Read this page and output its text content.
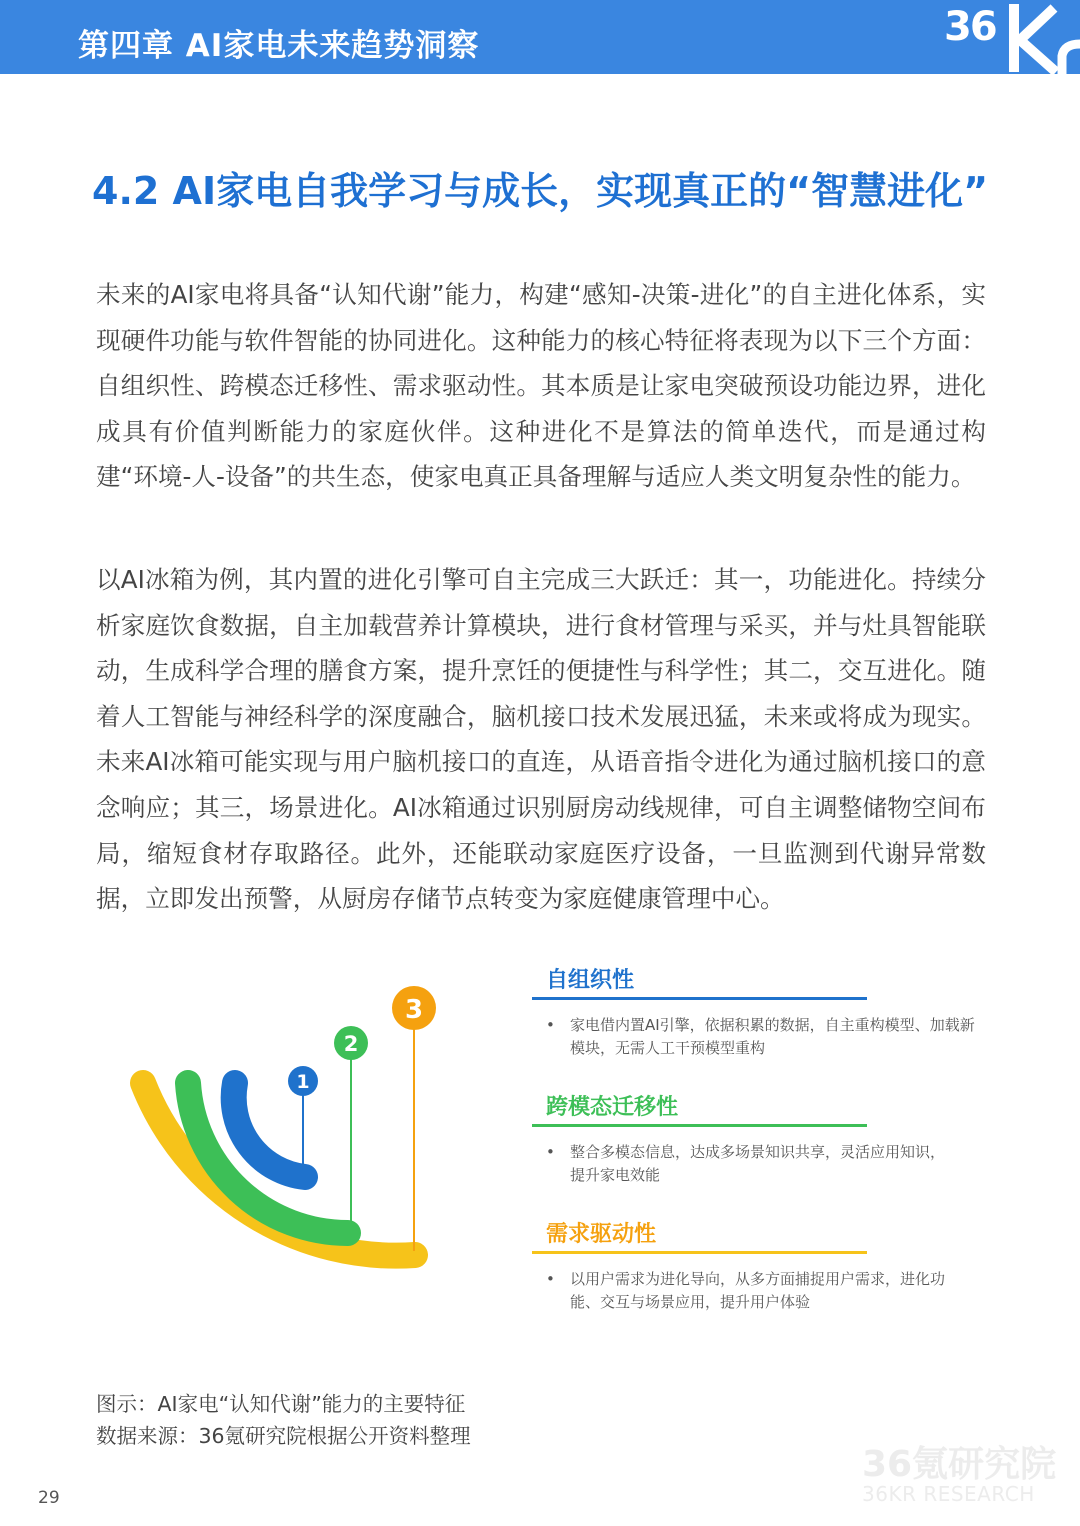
第四章 AI家电未来趋势洞察	36
4.2 AI家电自我学习与成长，实现真正的“智慧进化”

未来的AI家电将具备“认知代谢”能力，构建“感知-决策-进化”的自主进化体系，实现硬件功能与软件智能的协同进化。这种能力的核心特征将表现为以下三个方面：自组织性、跨模态迁移性、需求驱动性。其本质是让家电突破预设功能边界，进化成具有价值判断能力的家庭伙伴。这种进化不是算法的简单迭代，而是通过构建“环境-人-设备”的共生态，使家电真正具备理解与适应人类文明复杂性的能力。

以AI冰箱为例，其内置的进化引擎可自主完成三大跃迁：其一，功能进化。持续分析家庭饮食数据，自主加载营养计算模块，进行食材管理与采买，并与灶具智能联动，生成科学合理的膳食方案，提升烹饪的便捷性与科学性；其二，交互进化。随着人工智能与神经科学的深度融合，脑机接口技术发展迅猛，未来或将成为现实。未来AI冰箱可能实现与用户脑机接口的直连，从语音指令进化为通过脑机接口的意念响应；其三，场景进化。AI冰箱通过识别厨房动线规律，可自主调整储物空间布局，缩短食材存取路径。此外，还能联动家庭医疗设备，一旦监测到代谢异常数据，立即发出预警，从厨房存储节点转变为家庭健康管理中心。

1
2
3
自组织性
• 家电借内置AI引擎，依据积累的数据，自主重构模型、加载新模块，无需人工干预模型重构
跨模态迁移性
• 整合多模态信息，达成多场景知识共享，灵活应用知识，提升家电效能
需求驱动性
• 以用户需求为进化导向，从多方面捕捉用户需求，进化功能、交互与场景应用，提升用户体验
图示：AI家电“认知代谢”能力的主要特征
数据来源：36氪研究院根据公开资料整理
29
36氪研究院
36KR RESEARCH
